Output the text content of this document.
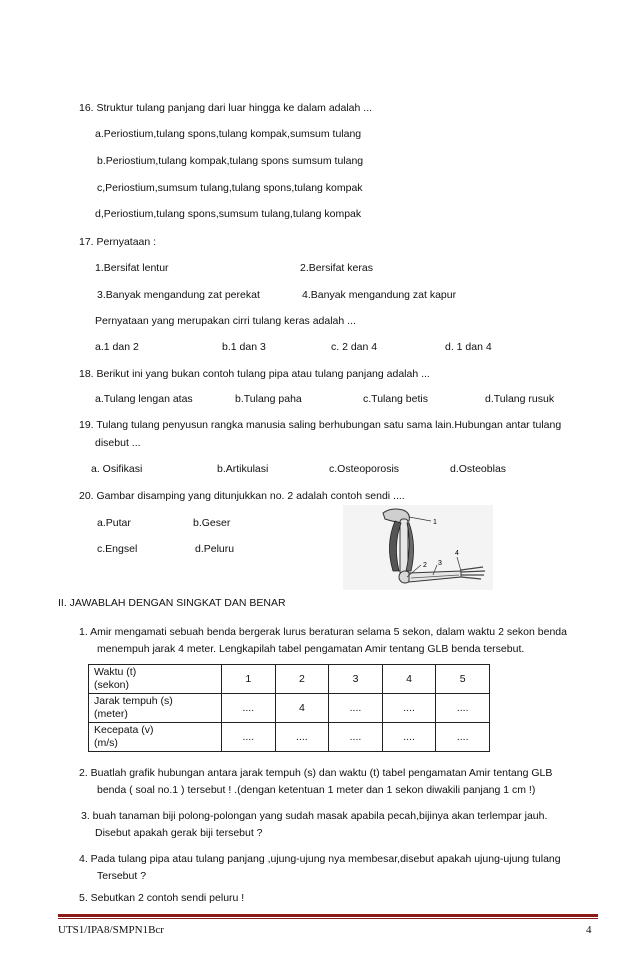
16. Struktur tulang panjang dari luar hingga ke dalam adalah ...
a.Periostium,tulang spons,tulang kompak,sumsum tulang
b.Periostium,tulang kompak,tulang spons sumsum tulang
c,Periostium,sumsum tulang,tulang spons,tulang kompak
d,Periostium,tulang spons,sumsum tulang,tulang kompak
17. Pernyataan :
1.Bersifat lentur	2.Bersifat keras
3.Banyak mengandung zat perekat	4.Banyak mengandung zat kapur
Pernyataan yang merupakan cirri tulang keras adalah ...
a.1 dan 2	b.1 dan 3	c. 2 dan 4	d. 1 dan 4
18. Berikut ini yang bukan contoh tulang pipa atau tulang panjang adalah ...
a.Tulang lengan atas	b.Tulang paha	c.Tulang betis	d.Tulang rusuk
19. Tulang tulang penyusun rangka manusia saling berhubungan satu sama lain.Hubungan antar tulang
disebut ...
a. Osifikasi	b.Artikulasi	c.Osteoporosis	d.Osteoblas
20. Gambar disamping yang ditunjukkan no. 2 adalah contoh sendi ....
a.Putar	b.Geser
c.Engsel	d.Peluru
1
2 3
4
II. JAWABLAH DENGAN SINGKAT DAN BENAR
1. Amir mengamati sebuah benda bergerak lurus beraturan selama 5 sekon, dalam waktu 2 sekon benda
menempuh jarak 4 meter. Lengkapilah tabel pengamatan Amir tentang GLB benda tersebut.
Waktu (t)
(sekon)	1	2	3	4	5
Jarak tempuh (s)
(meter)	....	4	....	....	....
Kecepata (v)
(m/s)	....	....	....	....	....
2. Buatlah grafik hubungan antara jarak tempuh (s) dan waktu (t) tabel pengamatan Amir tentang GLB
benda ( soal no.1 ) tersebut ! .(dengan ketentuan 1 meter dan 1 sekon diwakili panjang 1 cm !)
3. buah tanaman biji polong-polongan yang sudah masak apabila pecah,bijinya akan terlempar jauh.
Disebut apakah gerak biji tersebut ?
4. Pada tulang pipa atau tulang panjang ,ujung-ujung nya membesar,disebut apakah ujung-ujung tulang
Tersebut ?
5. Sebutkan 2 contoh sendi peluru !
UTS1/IPA8/SMPN1Bcr	4
